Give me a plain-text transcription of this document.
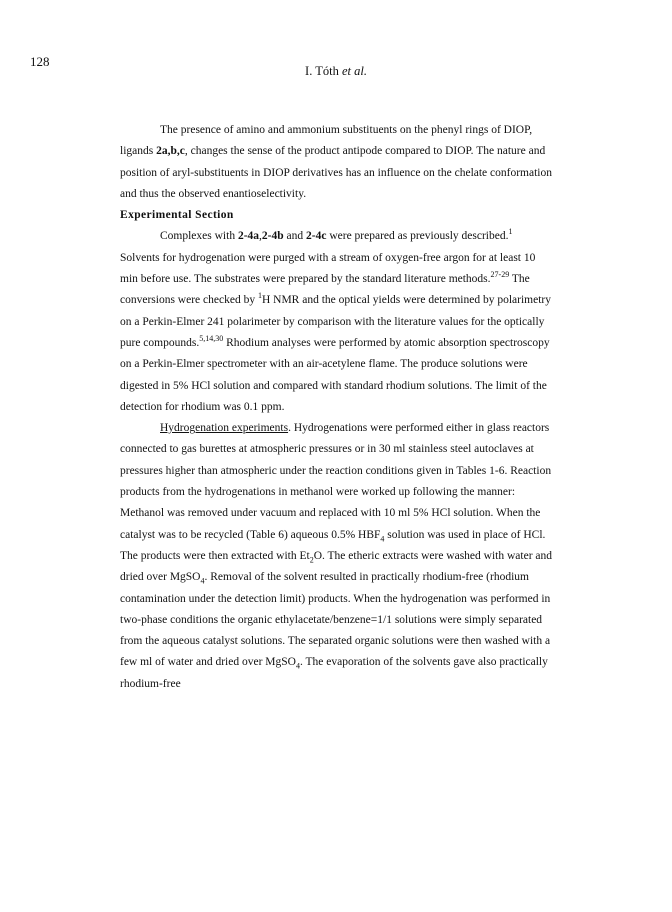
128
I. Tóth et al.

The presence of amino and ammonium substituents on the phenyl rings of DIOP, ligands 2a,b,c, changes the sense of the product antipode compared to DIOP. The nature and position of aryl-substituents in DIOP derivatives has an influence on the chelate conformation and thus the observed enantioselectivity.

Experimental Section

Complexes with 2-4a,2-4b and 2-4c were prepared as previously described.$^1$ Solvents for hydrogenation were purged with a stream of oxygen-free argon for at least 10 min before use. The substrates were prepared by the standard literature methods.$^{27-29}$ The conversions were checked by $^1$H NMR and the optical yields were determined by polarimetry on a Perkin-Elmer 241 polarimeter by comparison with the literature values for the optically pure compounds.$^{5,14,30}$ Rhodium analyses were performed by atomic absorption spectroscopy on a Perkin-Elmer spectrometer with an air-acetylene flame. The produce solutions were digested in 5% HCl solution and compared with standard rhodium solutions. The limit of the detection for rhodium was 0.1 ppm.

Hydrogenation experiments. Hydrogenations were performed either in glass reactors connected to gas burettes at atmospheric pressures or in 30 ml stainless steel autoclaves at pressures higher than atmospheric under the reaction conditions given in Tables 1-6. Reaction products from the hydrogenations in methanol were worked up following the manner: Methanol was removed under vacuum and replaced with 10 ml 5% HCl solution. When the catalyst was to be recycled (Table 6) aqueous 0.5% $HBF_4$ solution was used in place of HCl. The products were then extracted with $Et_2O$. The etheric extracts were washed with water and dried over MgSO$_4$. Removal of the solvent resulted in practically rhodium-free (rhodium contamination under the detection limit) products. When the hydrogenation was performed in two-phase conditions the organic ethylacetate/benzene=1/1 solutions were simply separated from the aqueous catalyst solutions. The separated organic solutions were then washed with a few ml of water and dried over MgSO$_4$. The evaporation of the solvents gave also practically rhodium-free
